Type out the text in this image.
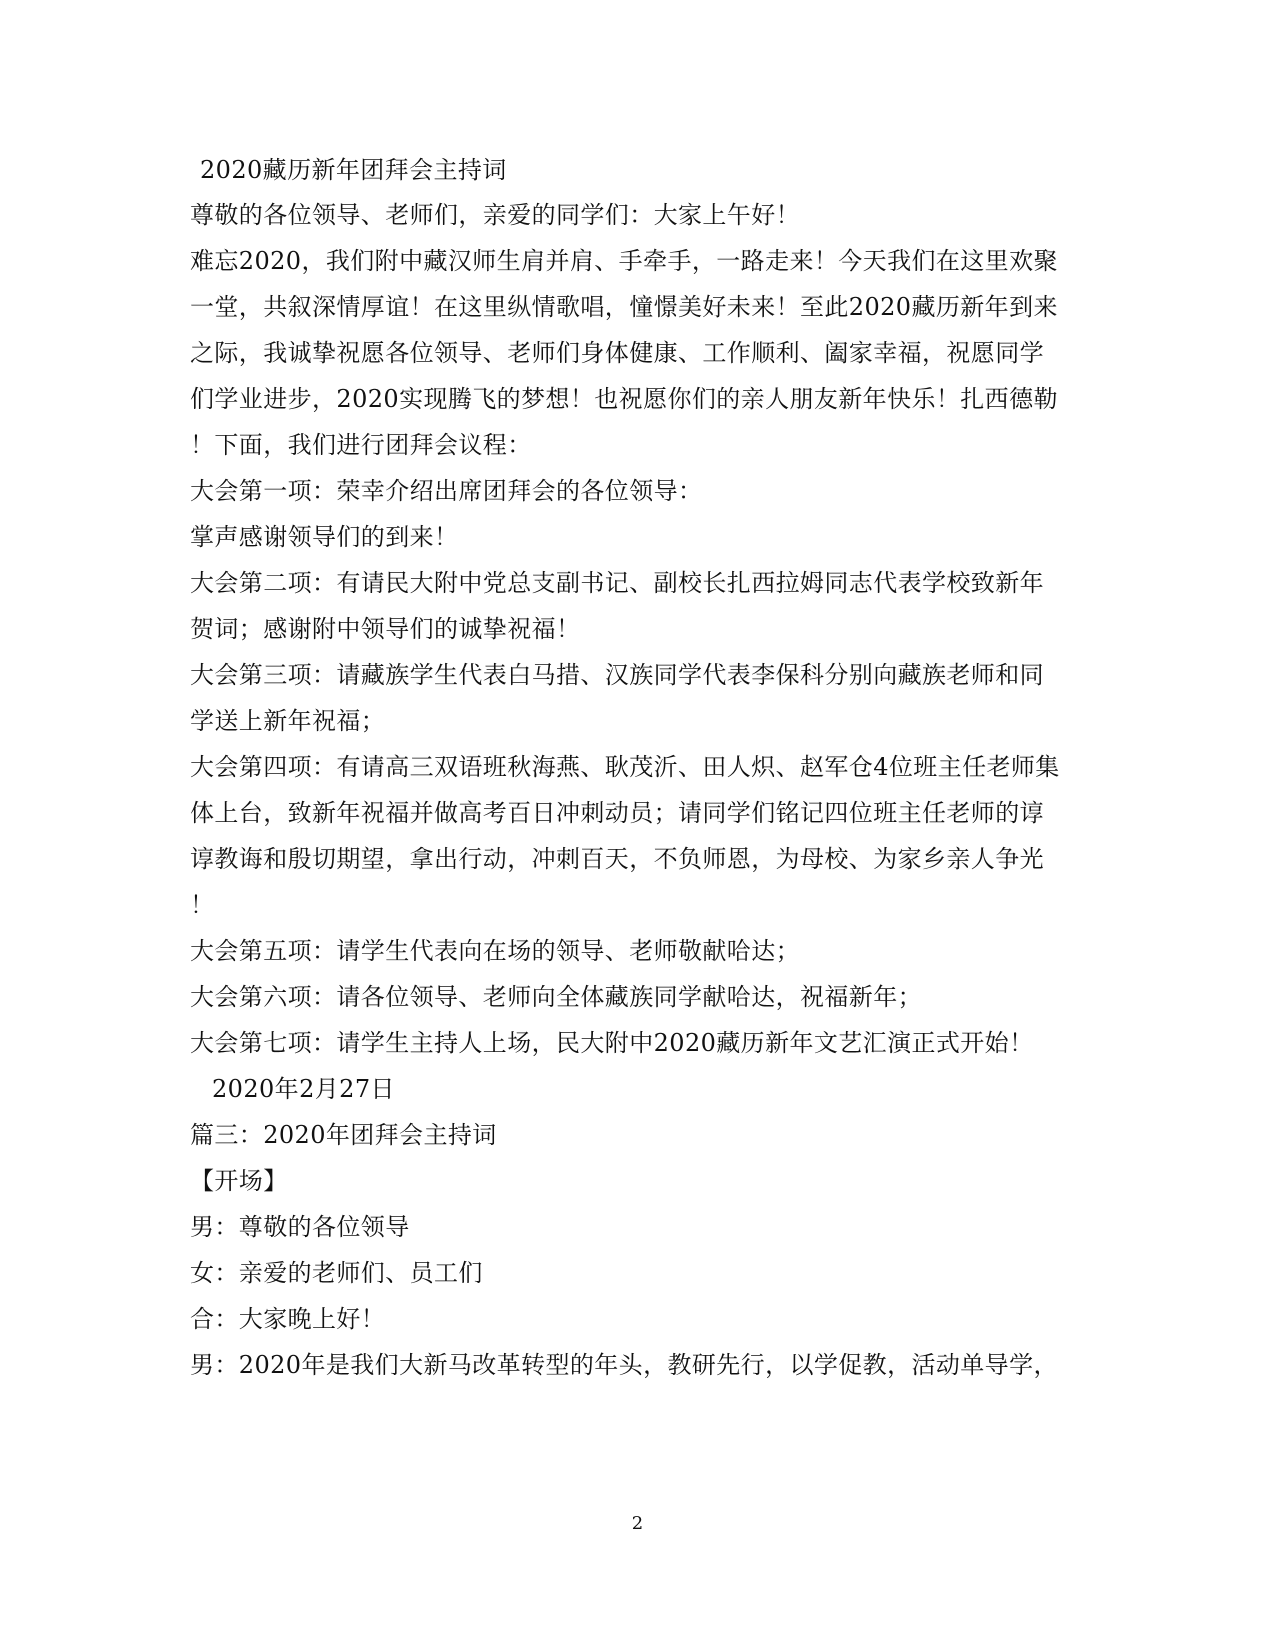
2020藏历新年团拜会主持词
尊敬的各位领导、老师们，亲爱的同学们：大家上午好！
难忘2020，我们附中藏汉师生肩并肩、手牵手，一路走来！今天我们在这里欢聚
一堂，共叙深情厚谊！在这里纵情歌唱，憧憬美好未来！至此2020藏历新年到来
之际，我诚挚祝愿各位领导、老师们身体健康、工作顺利、阖家幸福，祝愿同学
们学业进步，2020实现腾飞的梦想！也祝愿你们的亲人朋友新年快乐！扎西德勒
！下面，我们进行团拜会议程：
大会第一项：荣幸介绍出席团拜会的各位领导：
掌声感谢领导们的到来！
大会第二项：有请民大附中党总支副书记、副校长扎西拉姆同志代表学校致新年
贺词；感谢附中领导们的诚挚祝福！
大会第三项：请藏族学生代表白马措、汉族同学代表李保科分别向藏族老师和同
学送上新年祝福；
大会第四项：有请高三双语班秋海燕、耿茂沂、田人炽、赵军仓4位班主任老师集
体上台，致新年祝福并做高考百日冲刺动员；请同学们铭记四位班主任老师的谆
谆教诲和殷切期望，拿出行动，冲刺百天，不负师恩，为母校、为家乡亲人争光
！
大会第五项：请学生代表向在场的领导、老师敬献哈达；
大会第六项：请各位领导、老师向全体藏族同学献哈达，祝福新年；
大会第七项：请学生主持人上场，民大附中2020藏历新年文艺汇演正式开始！
2020年2月27日
篇三：2020年团拜会主持词
【开场】
男：尊敬的各位领导
女：亲爱的老师们、员工们
合：大家晚上好！
男：2020年是我们大新马改革转型的年头，教研先行，以学促教，活动单导学，
2
